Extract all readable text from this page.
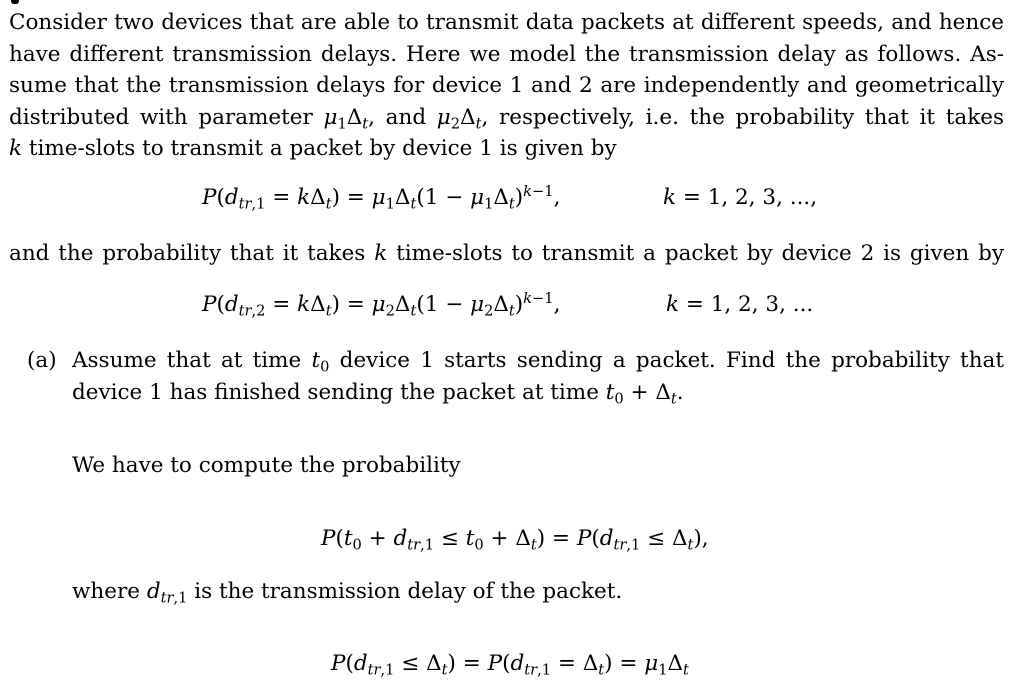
Consider two devices that are able to transmit data packets at different speeds, and hence
have different transmission delays. Here we model the transmission delay as follows. As-
sume that the transmission delays for device 1 and 2 are independently and geometrically
distributed with parameter $\mu_1\Delta_t$, and $\mu_2\Delta_t$, respectively, i.e. the probability that it takes
k time-slots to transmit a packet by device 1 is given by
$P(d_{tr,1} = k\Delta_t) = \mu_1\Delta_t(1 - \mu_1\Delta_t)^{k-1}$,	k = 1, 2, 3, ...,
and the probability that it takes k time-slots to transmit a packet by device 2 is given by
$P(d_{tr,2} = k\Delta_t) = \mu_2\Delta_t(1 - \mu_2\Delta_t)^{k-1}$,	k = 1, 2, 3, ...
(a) Assume that at time $t_0$ device 1 starts sending a packet. Find the probability that
device 1 has finished sending the packet at time $t_0 + \Delta_t$.
We have to compute the probability
$P(t_0 + d_{tr,1} \le t_0 + \Delta_t) = P(d_{tr,1} \le \Delta_t)$,
where $d_{tr,1}$ is the transmission delay of the packet.
$P(d_{tr,1} \le \Delta_t) = P(d_{tr,1} = \Delta_t) = \mu_1\Delta_t$
